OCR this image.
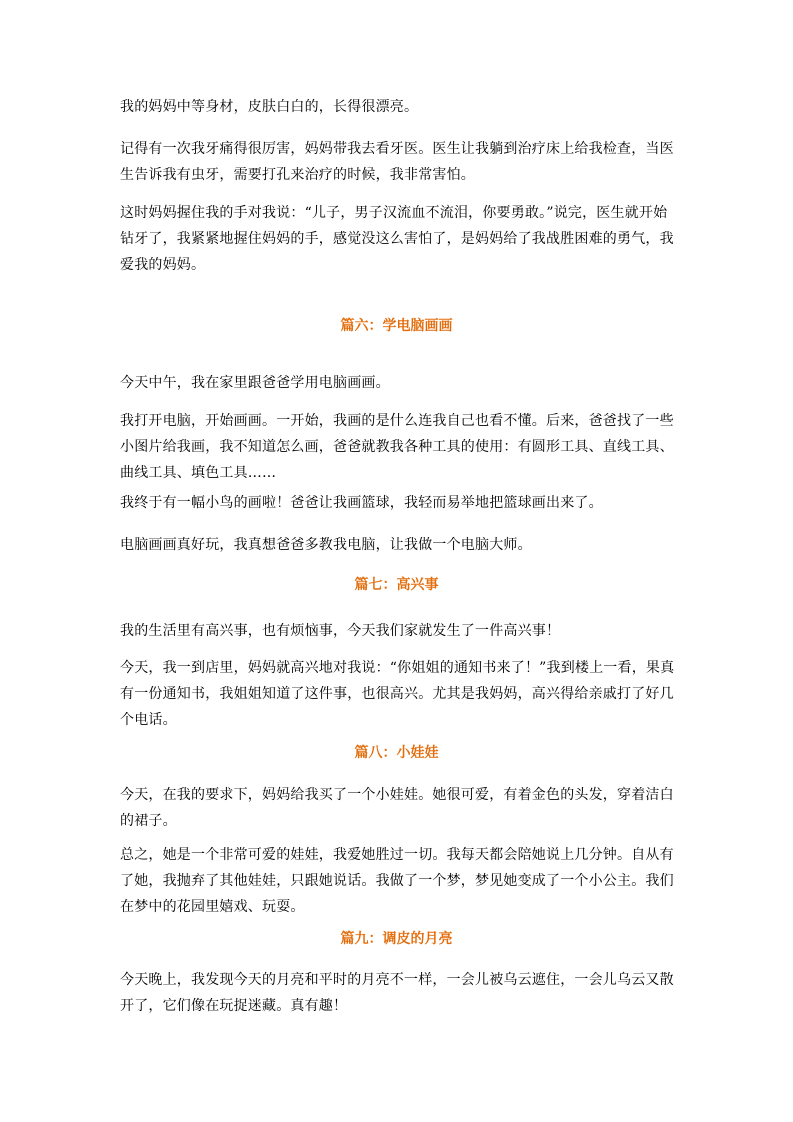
我的妈妈中等身材，皮肤白白的，长得很漂亮。

记得有一次我牙痛得很厉害，妈妈带我去看牙医。医生让我躺到治疗床上给我检查，当医生告诉我有虫牙，需要打孔来治疗的时候，我非常害怕。

这时妈妈握住我的手对我说：“儿子，男子汉流血不流泪，你要勇敢。”说完，医生就开始钻牙了，我紧紧地握住妈妈的手，感觉没这么害怕了，是妈妈给了我战胜困难的勇气，我爱我的妈妈。

篇六：学电脑画画

今天中午，我在家里跟爸爸学用电脑画画。

我打开电脑，开始画画。一开始，我画的是什么连我自己也看不懂。后来，爸爸找了一些小图片给我画，我不知道怎么画，爸爸就教我各种工具的使用：有圆形工具、直线工具、曲线工具、填色工具……

我终于有一幅小鸟的画啦！爸爸让我画篮球，我轻而易举地把篮球画出来了。

电脑画画真好玩，我真想爸爸多教我电脑，让我做一个电脑大师。

篇七：高兴事

我的生活里有高兴事，也有烦恼事，今天我们家就发生了一件高兴事！

今天，我一到店里，妈妈就高兴地对我说：“你姐姐的通知书来了！”我到楼上一看，果真有一份通知书，我姐姐知道了这件事，也很高兴。尤其是我妈妈，高兴得给亲戚打了好几个电话。

篇八：小娃娃

今天，在我的要求下，妈妈给我买了一个小娃娃。她很可爱，有着金色的头发，穿着洁白的裙子。

总之，她是一个非常可爱的娃娃，我爱她胜过一切。我每天都会陪她说上几分钟。自从有了她，我抛弃了其他娃娃，只跟她说话。我做了一个梦，梦见她变成了一个小公主。我们在梦中的花园里嬉戏、玩耍。

篇九：调皮的月亮

今天晚上，我发现今天的月亮和平时的月亮不一样，一会儿被乌云遮住，一会儿乌云又散开了，它们像在玩捉迷藏。真有趣！
